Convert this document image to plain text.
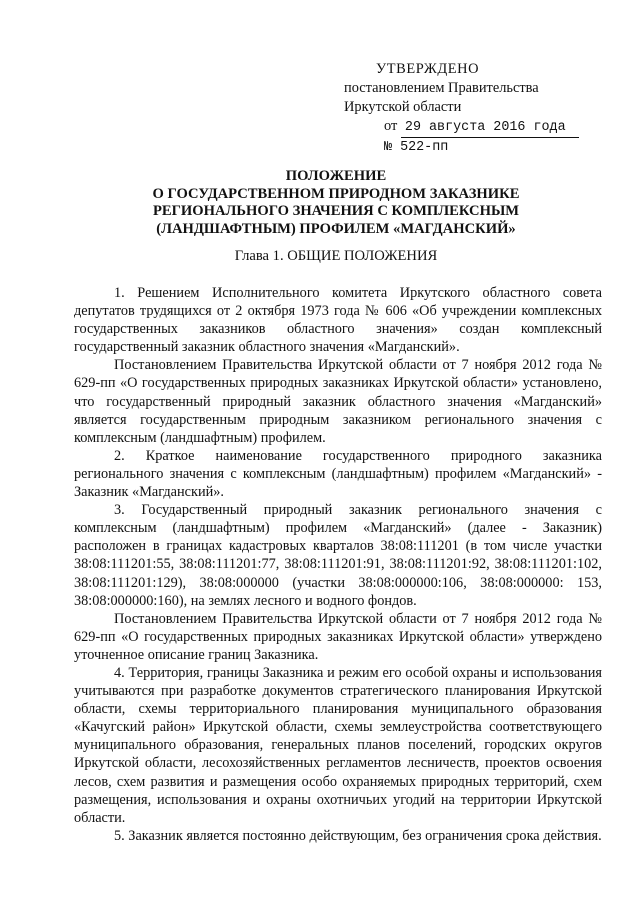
УТВЕРЖДЕНО
постановлением Правительства
Иркутской области
от 29 августа 2016 года
№ 522-пп
ПОЛОЖЕНИЕ
О ГОСУДАРСТВЕННОМ ПРИРОДНОМ ЗАКАЗНИКЕ
РЕГИОНАЛЬНОГО ЗНАЧЕНИЯ С КОМПЛЕКСНЫМ
(ЛАНДШАФТНЫМ) ПРОФИЛЕМ «МАГДАНСКИЙ»
Глава 1. ОБЩИЕ ПОЛОЖЕНИЯ

1. Решением Исполнительного комитета Иркутского областного совета депутатов трудящихся от 2 октября 1973 года № 606 «Об учреждении комплексных государственных заказников областного значения» создан комплексный государственный заказник областного значения «Магданский».

Постановлением Правительства Иркутской области от 7 ноября 2012 года № 629-пп «О государственных природных заказниках Иркутской области» установлено, что государственный природный заказник областного значения «Магданский» является государственным природным заказником регионального значения с комплексным (ландшафтным) профилем.

2. Краткое наименование государственного природного заказника регионального значения с комплексным (ландшафтным) профилем «Магданский» - Заказник «Магданский».

3. Государственный природный заказник регионального значения с комплексным (ландшафтным) профилем «Магданский» (далее - Заказник) расположен в границах кадастровых кварталов 38:08:111201 (в том числе участки 38:08:111201:55, 38:08:111201:77, 38:08:111201:91, 38:08:111201:92, 38:08:111201:102, 38:08:111201:129), 38:08:000000 (участки 38:08:000000:106, 38:08:000000: 153, 38:08:000000:160), на землях лесного и водного фондов.

Постановлением Правительства Иркутской области от 7 ноября 2012 года № 629-пп «О государственных природных заказниках Иркутской области» утверждено уточненное описание границ Заказника.

4. Территория, границы Заказника и режим его особой охраны и использования учитываются при разработке документов стратегического планирования Иркутской области, схемы территориального планирования муниципального образования «Качугский район» Иркутской области, схемы землеустройства соответствующего муниципального образования, генеральных планов поселений, городских округов Иркутской области, лесохозяйственных регламентов лесничеств, проектов освоения лесов, схем развития и размещения особо охраняемых природных территорий, схем размещения, использования и охраны охотничьих угодий на территории Иркутской области.

5. Заказник является постоянно действующим, без ограничения срока действия.
